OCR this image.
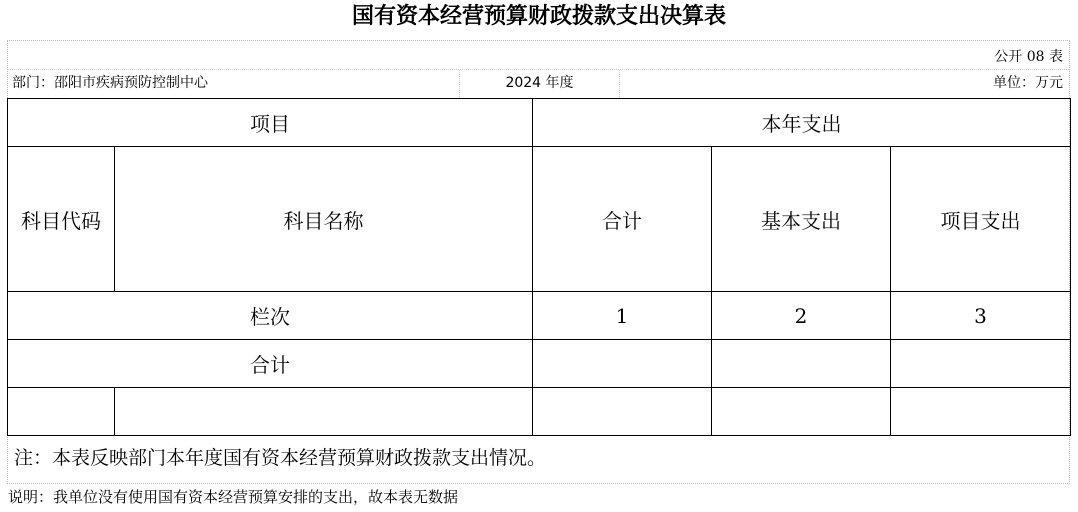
国有资本经营预算财政拨款支出决算表
公开 08 表
部门：邵阳市疾病预防控制中心	2024 年度	单位：万元
项目		本年支出		
科目代码	科目名称	合计	基本支出	项目支出
栏次		1	2	3
合计				

注：本表反映部门本年度国有资本经营预算财政拨款支出情况。
说明：我单位没有使用国有资本经营预算安排的支出，故本表无数据
